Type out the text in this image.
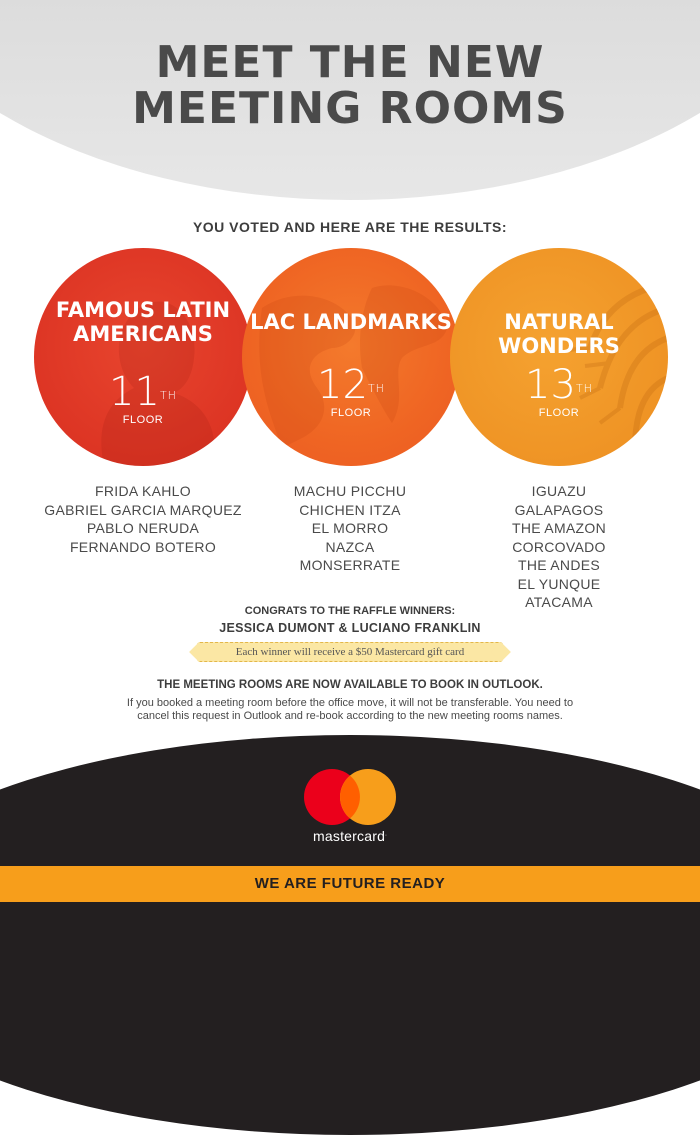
MEET THE NEW
MEETING ROOMS
YOU VOTED AND HERE ARE THE RESULTS:
FAMOUS LATIN AMERICANS
11TH
FLOOR
LAC LANDMARKS
12TH
FLOOR
NATURAL WONDERS
13TH
FLOOR
FRIDA KAHLO
GABRIEL GARCIA MARQUEZ
PABLO NERUDA
FERNANDO BOTERO
MACHU PICCHU
CHICHEN ITZA
EL MORRO
NAZCA
MONSERRATE
IGUAZU
GALAPAGOS
THE AMAZON
CORCOVADO
THE ANDES
EL YUNQUE
ATACAMA
CONGRATS TO THE RAFFLE WINNERS:
JESSICA DUMONT & LUCIANO FRANKLIN
Each winner will receive a $50 Mastercard gift card
THE MEETING ROOMS ARE NOW AVAILABLE TO BOOK IN OUTLOOK.
If you booked a meeting room before the office move, it will not be transferable. You need to cancel this request in Outlook and re-book according to the new meeting rooms names.
mastercard.
WE ARE FUTURE READY
